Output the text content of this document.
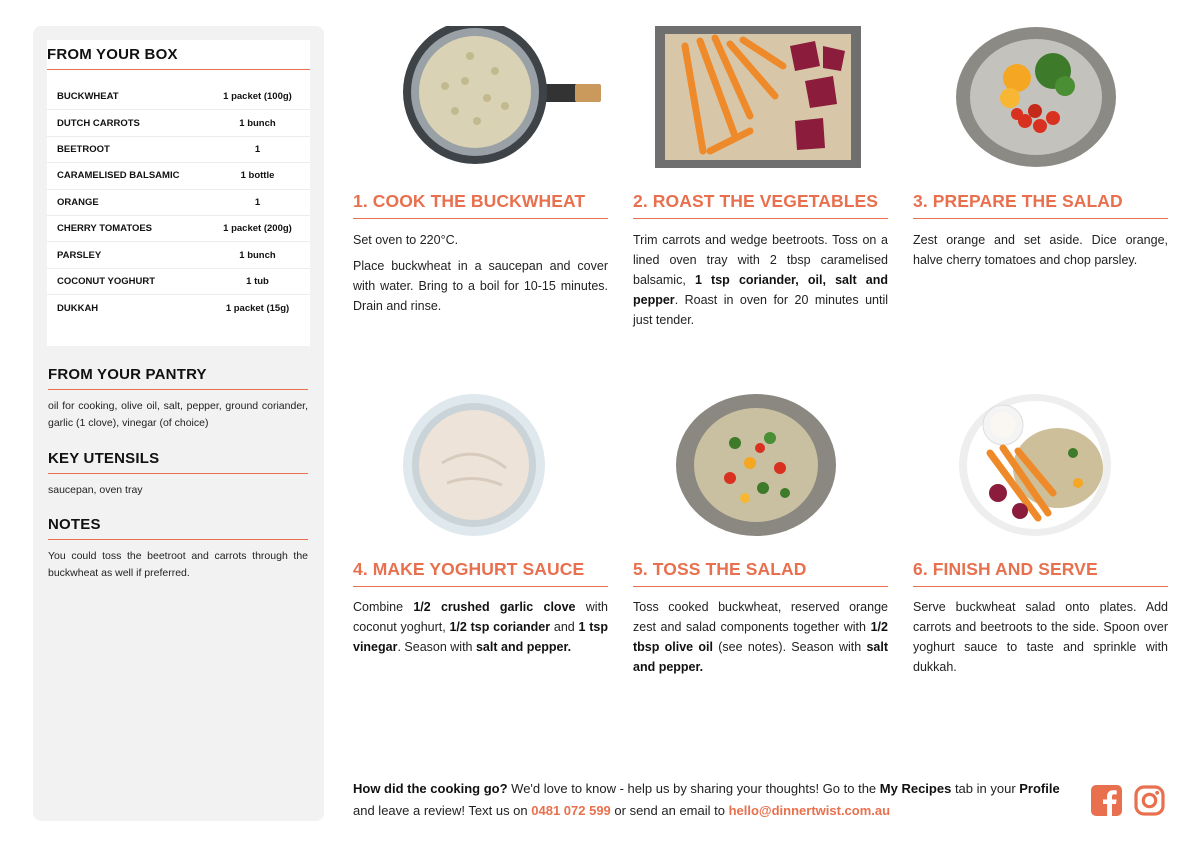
FROM YOUR BOX
BUCKWHEAT	1 packet (100g)
DUTCH CARROTS	1 bunch
BEETROOT	1
CARAMELISED BALSAMIC	1 bottle
ORANGE	1
CHERRY TOMATOES	1 packet (200g)
PARSLEY	1 bunch
COCONUT YOGHURT	1 tub
DUKKAH	1 packet (15g)
FROM YOUR PANTRY
oil for cooking, olive oil, salt, pepper, ground coriander, garlic (1 clove), vinegar (of choice)
KEY UTENSILS
saucepan, oven tray
NOTES
You could toss the beetroot and carrots through the buckwheat as well if preferred.
1. COOK THE BUCKWHEAT

Set oven to 220°C.

Place buckwheat in a saucepan and cover with water. Bring to a boil for 10-15 minutes. Drain and rinse.

2. ROAST THE VEGETABLES
Trim carrots and wedge beetroots. Toss on a lined oven tray with 2 tbsp caramelised balsamic, 1 tsp coriander, oil, salt and pepper. Roast in oven for 20 minutes until just tender.
3. PREPARE THE SALAD
Zest orange and set aside. Dice orange, halve cherry tomatoes and chop parsley.
4. MAKE YOGHURT SAUCE
Combine 1/2 crushed garlic clove with coconut yoghurt, 1/2 tsp coriander and 1 tsp vinegar. Season with salt and pepper.
5. TOSS THE SALAD
Toss cooked buckwheat, reserved orange zest and salad components together with 1/2 tbsp olive oil (see notes). Season with salt and pepper.
6. FINISH AND SERVE
Serve buckwheat salad onto plates. Add carrots and beetroots to the side. Spoon over yoghurt sauce to taste and sprinkle with dukkah.
How did the cooking go? We'd love to know - help us by sharing your thoughts! Go to the My Recipes tab in your Profile and leave a review! Text us on 0481 072 599 or send an email to hello@dinnertwist.com.au
